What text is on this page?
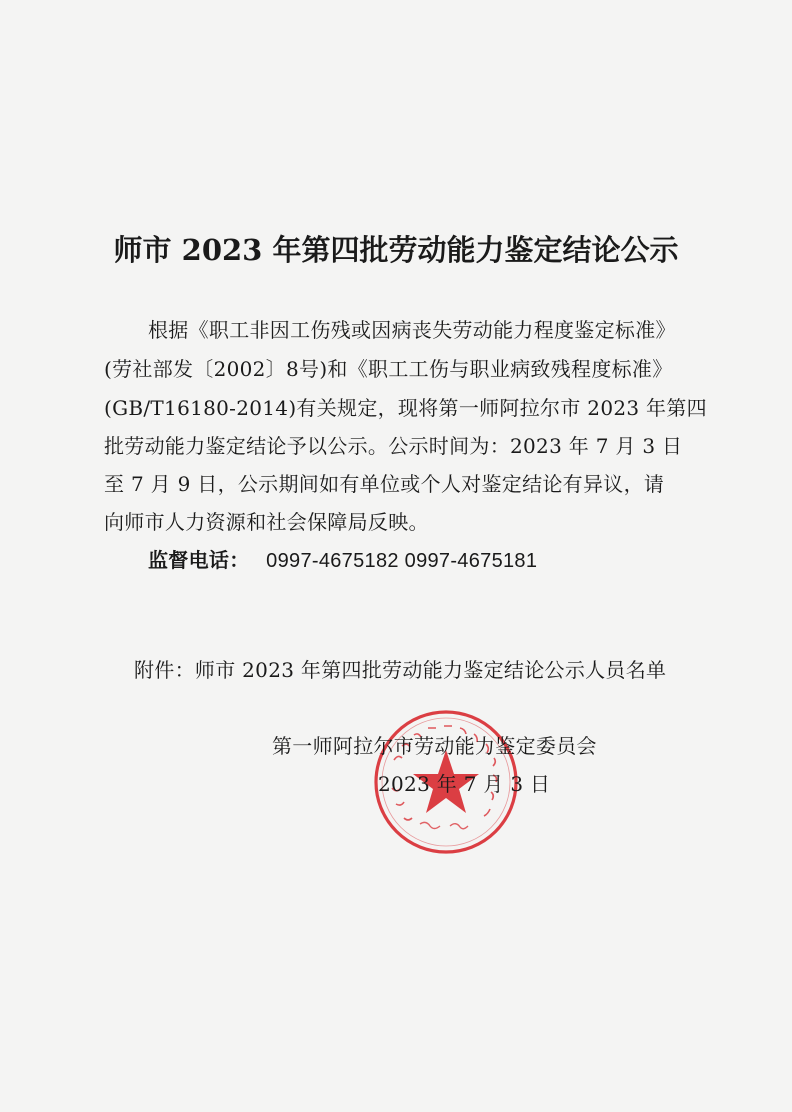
师市 2023 年第四批劳动能力鉴定结论公示
根据《职工非因工伤残或因病丧失劳动能力程度鉴定标准》
(劳社部发〔2002〕8号)和《职工工伤与职业病致残程度标准》
(GB/T16180-2014)有关规定，现将第一师阿拉尔市 2023 年第四
批劳动能力鉴定结论予以公示。公示时间为：2023 年 7 月 3 日
至 7 月 9 日，公示期间如有单位或个人对鉴定结论有异议，请
向师市人力资源和社会保障局反映。
监督电话： 0997-4675182 0997-4675181
附件：师市 2023 年第四批劳动能力鉴定结论公示人员名单
第一师阿拉尔市劳动能力鉴定委员会
2023 年 7 月 3 日
